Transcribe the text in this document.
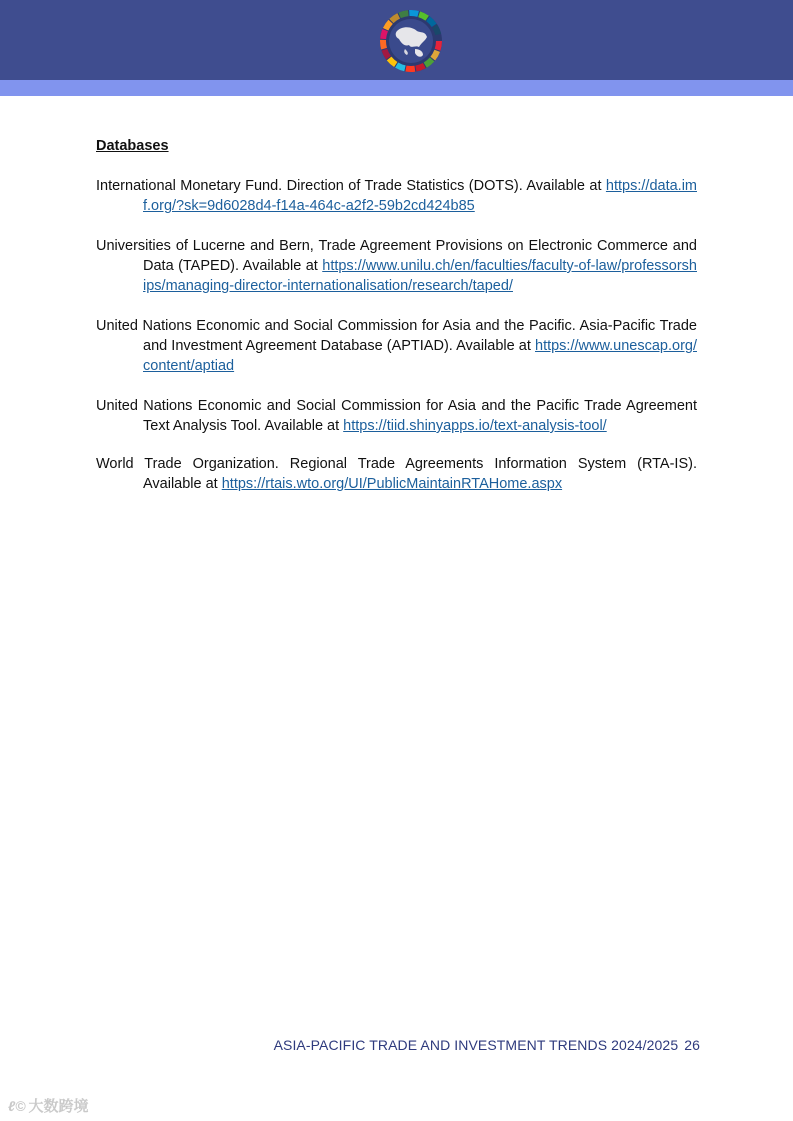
Databases

International Monetary Fund. Direction of Trade Statistics (DOTS). Available at https://data.imf.org/?sk=9d6028d4-f14a-464c-a2f2-59b2cd424b85

Universities of Lucerne and Bern, Trade Agreement Provisions on Electronic Commerce and Data (TAPED). Available at https://www.unilu.ch/en/faculties/faculty-of-law/professorships/managing-director-internationalisation/research/taped/

United Nations Economic and Social Commission for Asia and the Pacific. Asia-Pacific Trade and Investment Agreement Database (APTIAD). Available at https://www.unescap.org/content/aptiad

United Nations Economic and Social Commission for Asia and the Pacific Trade Agreement Text Analysis Tool. Available at https://tiid.shinyapps.io/text-analysis-tool/

World Trade Organization. Regional Trade Agreements Information System (RTA-IS). Available at https://rtais.wto.org/UI/PublicMaintainRTAHome.aspx

ASIA-PACIFIC TRADE AND INVESTMENT TRENDS 2024/2025 26
ℓ© 大数跨境
